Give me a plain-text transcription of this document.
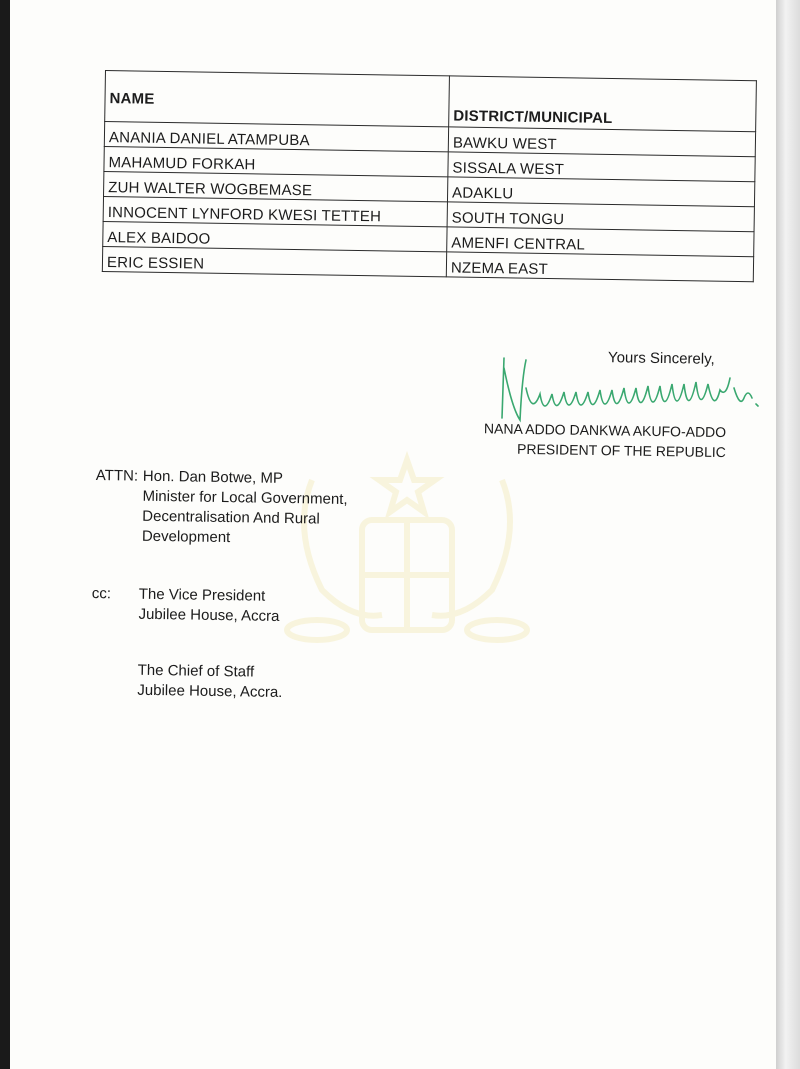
NAME	DISTRICT/MUNICIPAL
ANANIA DANIEL ATAMPUBA	BAWKU WEST
MAHAMUD FORKAH	SISSALA WEST
ZUH WALTER WOGBEMASE	ADAKLU
INNOCENT LYNFORD KWESI TETTEH	SOUTH TONGU
ALEX BAIDOO	AMENFI CENTRAL
ERIC ESSIEN	NZEMA EAST
Yours Sincerely,
NANA ADDO DANKWA AKUFO-ADDO
PRESIDENT OF THE REPUBLIC
ATTN: Hon. Dan Botwe, MP
Minister for Local Government,
Decentralisation And Rural
Development
cc: The Vice President
Jubilee House, Accra
The Chief of Staff
Jubilee House, Accra.
